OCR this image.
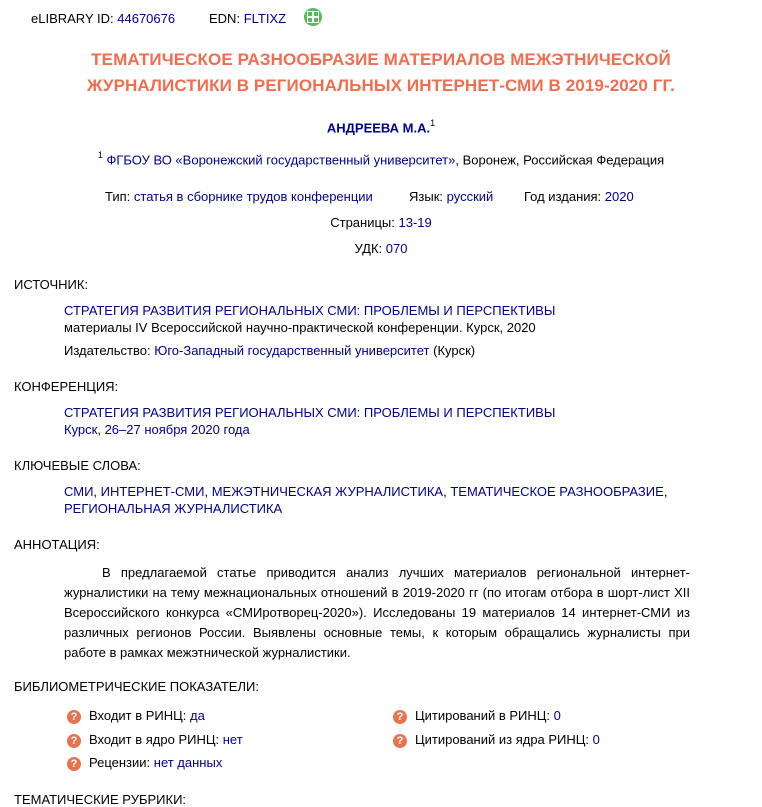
eLIBRARY ID: 44670676	EDN: FLTIXZ
ТЕМАТИЧЕСКОЕ РАЗНООБРАЗИЕ МАТЕРИАЛОВ МЕЖЭТНИЧЕСКОЙ
ЖУРНАЛИСТИКИ В РЕГИОНАЛЬНЫХ ИНТЕРНЕТ-СМИ В 2019-2020 ГГ.
АНДРЕЕВА М.А.$^1$
$^1$ ФГБОУ ВО «Воронежский государственный университет», Воронеж, Российская Федерация
Тип: статья в сборнике трудов конференции	Язык: русский Год издания: 2020
Страницы: 13-19
УДК: 070
ИСТОЧНИК:
СТРАТЕГИЯ РАЗВИТИЯ РЕГИОНАЛЬНЫХ СМИ: ПРОБЛЕМЫ И ПЕРСПЕКТИВЫ
материалы IV Всероссийской научно-практической конференции. Курск, 2020
Издательство: Юго-Западный государственный университет (Курск)
КОНФЕРЕНЦИЯ:
СТРАТЕГИЯ РАЗВИТИЯ РЕГИОНАЛЬНЫХ СМИ: ПРОБЛЕМЫ И ПЕРСПЕКТИВЫ
Курск, 26–27 ноября 2020 года
КЛЮЧЕВЫЕ СЛОВА:
СМИ, ИНТЕРНЕТ-СМИ, МЕЖЭТНИЧЕСКАЯ ЖУРНАЛИСТИКА, ТЕМАТИЧЕСКОЕ РАЗНООБРАЗИЕ,
РЕГИОНАЛЬНАЯ ЖУРНАЛИСТИКА
АННОТАЦИЯ:
В предлагаемой статье приводится анализ лучших материалов региональной интернет-журналистики на тему межнациональных отношений в 2019-2020 гг (по итогам отбора в шорт-лист XII Всероссийского конкурса «СМИротворец-2020»). Исследованы 19 материалов 14 интернет-СМИ из различных регионов России. Выявлены основные темы, к которым обращались журналисты при работе в рамках межэтнической журналистики.
БИБЛИОМЕТРИЧЕСКИЕ ПОКАЗАТЕЛИ:
? Входит в РИНЦ: да
? Входит в ядро РИНЦ: нет
? Рецензии: нет данных
? Цитирований в РИНЦ: 0
? Цитирований из ядра РИНЦ: 0
ТЕМАТИЧЕСКИЕ РУБРИКИ:
